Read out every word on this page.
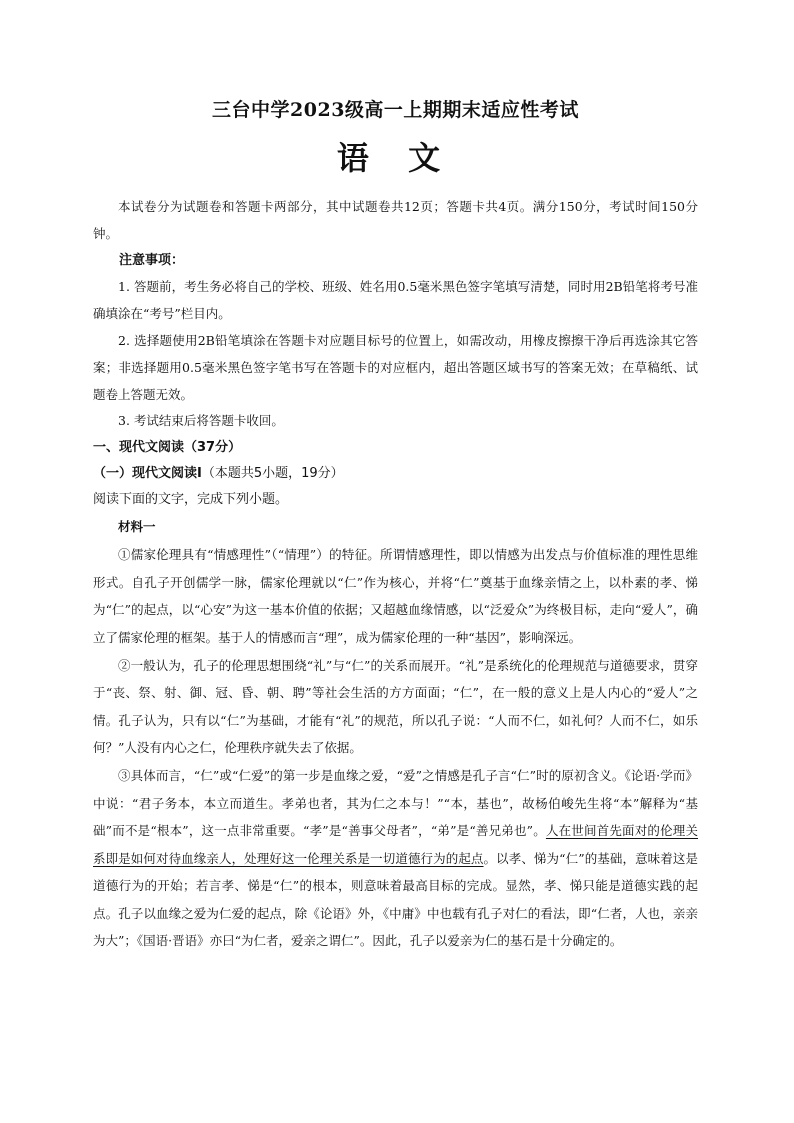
三台中学2023级高一上期期末适应性考试
语 文

本试卷分为试题卷和答题卡两部分，其中试题卷共12页；答题卡共4页。满分150分，考试时间150分钟。

注意事项：

1. 答题前，考生务必将自己的学校、班级、姓名用0.5毫米黑色签字笔填写清楚，同时用2B铅笔将考号准确填涂在“考号”栏目内。

2. 选择题使用2B铅笔填涂在答题卡对应题目标号的位置上，如需改动，用橡皮擦擦干净后再选涂其它答案；非选择题用0.5毫米黑色签字笔书写在答题卡的对应框内，超出答题区域书写的答案无效；在草稿纸、试题卷上答题无效。

3. 考试结束后将答题卡收回。

一、现代文阅读（37分）

（一）现代文阅读Ⅰ（本题共5小题，19分）

阅读下面的文字，完成下列小题。

材料一

①儒家伦理具有“情感理性”（“情理”）的特征。所谓情感理性，即以情感为出发点与价值标准的理性思维形式。自孔子开创儒学一脉，儒家伦理就以“仁”作为核心，并将“仁”奠基于血缘亲情之上，以朴素的孝、悌为“仁”的起点，以“心安”为这一基本价值的依据；又超越血缘情感，以“泛爱众”为终极目标，走向“爱人”，确立了儒家伦理的框架。基于人的情感而言“理”，成为儒家伦理的一种“基因”，影响深远。

②一般认为，孔子的伦理思想围绕“礼”与“仁”的关系而展开。“礼”是系统化的伦理规范与道德要求，贯穿于“丧、祭、射、御、冠、昏、朝、聘”等社会生活的方方面面；“仁”，在一般的意义上是人内心的“爱人”之情。孔子认为，只有以“仁”为基础，才能有“礼”的规范，所以孔子说：“人而不仁，如礼何？人而不仁，如乐何？”人没有内心之仁，伦理秩序就失去了依据。

③具体而言，“仁”或“仁爱”的第一步是血缘之爱，“爱”之情感是孔子言“仁”时的原初含义。《论语·学而》中说：“君子务本，本立而道生。孝弟也者，其为仁之本与！”“本，基也”，故杨伯峻先生将“本”解释为“基础”而不是“根本”，这一点非常重要。“孝”是“善事父母者”，“弟”是“善兄弟也”。人在世间首先面对的伦理关系即是如何对待血缘亲人，处理好这一伦理关系是一切道德行为的起点。以孝、悌为“仁”的基础，意味着这是道德行为的开始；若言孝、悌是“仁”的根本，则意味着最高目标的完成。显然，孝、悌只能是道德实践的起点。孔子以血缘之爱为仁爱的起点，除《论语》外，《中庸》中也载有孔子对仁的看法，即“仁者，人也，亲亲为大”；《国语·晋语》亦曰“为仁者，爱亲之谓仁”。因此，孔子以爱亲为仁的基石是十分确定的。
